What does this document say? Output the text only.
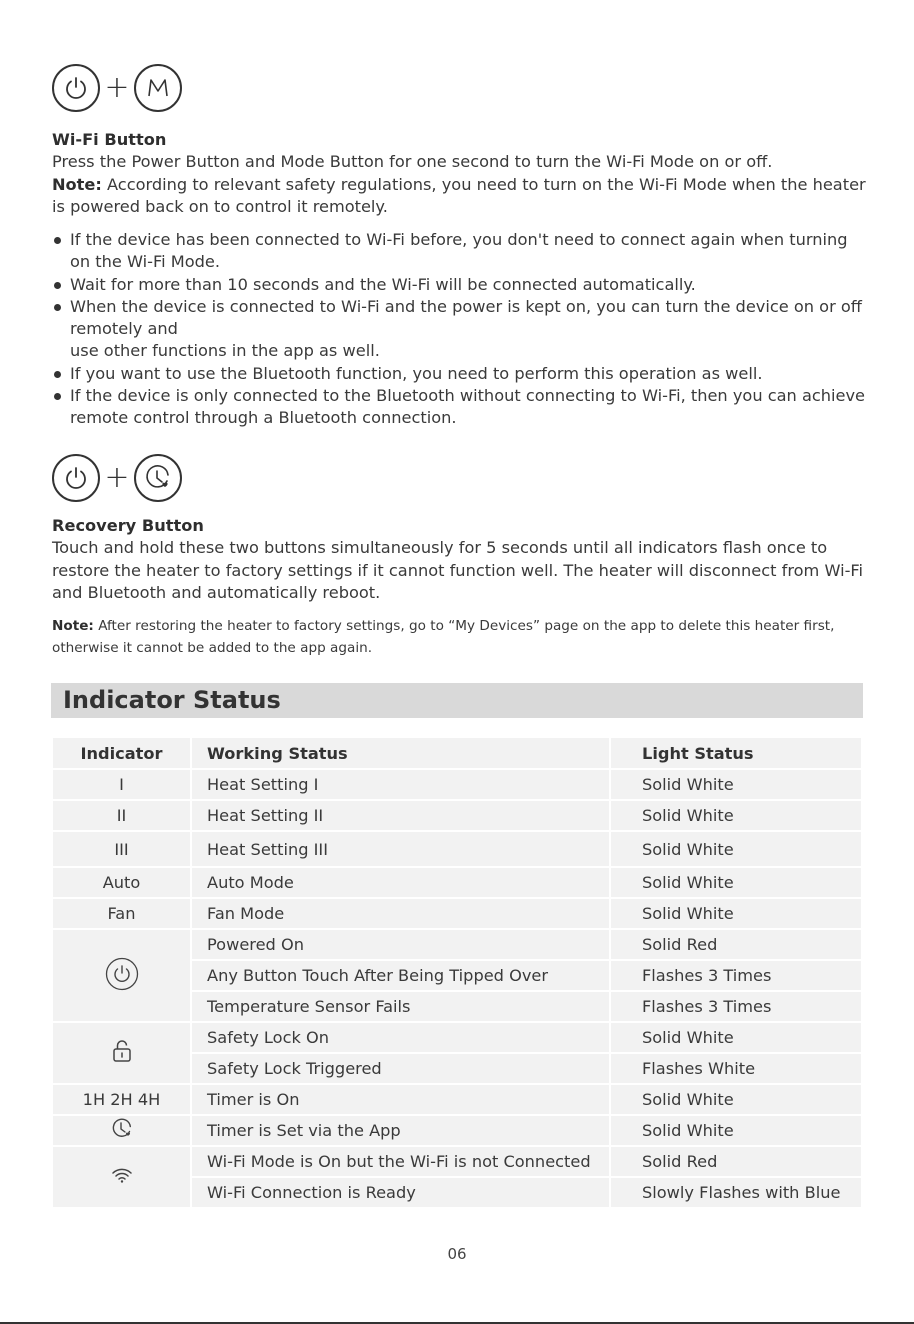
+
Wi-Fi Button
Press the Power Button and Mode Button for one second to turn the Wi-Fi Mode on or off.
Note: According to relevant safety regulations, you need to turn on the Wi-Fi Mode when the heater is powered back on to control it remotely.
If the device has been connected to Wi-Fi before, you don't need to connect again when turning on the Wi-Fi Mode.
Wait for more than 10 seconds and the Wi-Fi will be connected automatically.
When the device is connected to Wi-Fi and the power is kept on, you can turn the device on or off remotely and
use other functions in the app as well.
If you want to use the Bluetooth function, you need to perform this operation as well.
If the device is only connected to the Bluetooth without connecting to Wi-Fi, then you can achieve remote control through a Bluetooth connection.
+
Recovery Button
Touch and hold these two buttons simultaneously for 5 seconds until all indicators flash once to restore the heater to factory settings if it cannot function well. The heater will disconnect from Wi-Fi and Bluetooth and automatically reboot.
Note: After restoring the heater to factory settings, go to “My Devices” page on the app to delete this heater first, otherwise it cannot be added to the app again.
Indicator Status
Indicator	Working Status	Light Status
I	Heat Setting I	Solid White
II	Heat Setting II	Solid White
III	Heat Setting III	Solid White
Auto	Auto Mode	Solid White
Fan	Fan Mode	Solid White
	Powered On	Solid Red
	Any Button Touch After Being Tipped Over	Flashes 3 Times
	Temperature Sensor Fails	Flashes 3 Times
	Safety Lock On	Solid White
	Safety Lock Triggered	Flashes White
1H 2H 4H	Timer is On	Solid White
	Timer is Set via the App	Solid White
	Wi-Fi Mode is On but the Wi-Fi is not Connected	Solid Red
	Wi-Fi Connection is Ready	Slowly Flashes with Blue
06
